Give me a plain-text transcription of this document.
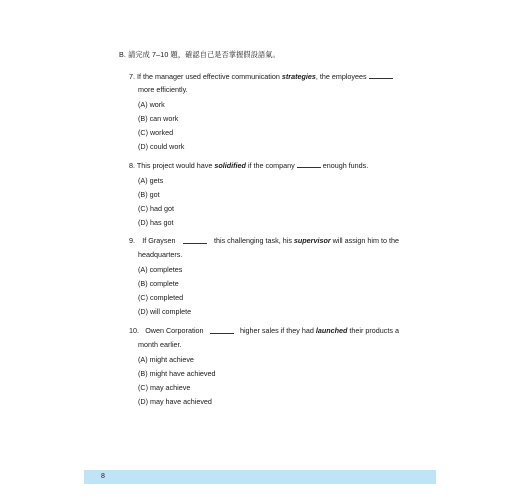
B. 請完成 7–10 題，確認自己是否掌握假設語氣。
7. If the manager used effective communication strategies, the employees
more efficiently.
(A) work
(B) can work
(C) worked
(D) could work
8. This project would have solidified if the company	enough funds.
(A) gets
(B) got
(C) had got
(D) has got
9. If Graysen	this challenging task, his supervisor will assign him to the
headquarters.
(A) completes
(B) complete
(C) completed
(D) will complete
10. Owen Corporation	higher sales if they had launched their products a
month earlier.
(A) might achieve
(B) might have achieved
(C) may achieve
(D) may have achieved
8
